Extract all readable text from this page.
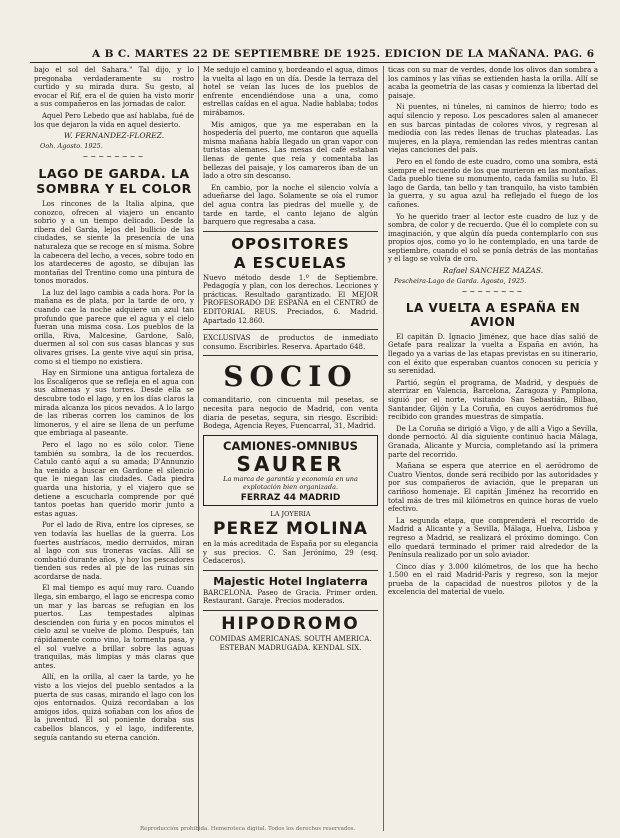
A B C. MARTES 22 DE SEPTIEMBRE DE 1925. EDICION DE LA MAÑANA. PAG. 6

bajo el sol del Sahara." Tal dijo, y lo pregonaba verdaderamente su rostro curtido y su mirada dura. Su gesto, al evocar el Rif, era el de quien ha visto morir a sus compañeros en las jornadas de calor.

Aquel Pero Lebedo que así hablaba, fué de los que dejaron la vida en aquel desierto.

W. FERNANDEZ-FLOREZ.
Ooh. Agosto. 1925.
~~~~~~~~
LAGO DE GARDA. LA SOMBRA Y EL COLOR

Los rincones de la Italia alpina, que conozco, ofrecen al viajero un encanto sobrio y a un tiempo delicado. Desde la ribera del Garda, lejos del bullicio de las ciudades, se siente la presencia de una naturaleza que se recoge en sí misma. Sobre la cabecera del lecho, a veces, sobre todo en los atardeceres de agosto, se dibujan las montañas del Trentino como una pintura de tonos morados.

La luz del lago cambia a cada hora. Por la mañana es de plata, por la tarde de oro, y cuando cae la noche adquiere un azul tan profundo que parece que el agua y el cielo fueran una misma cosa. Los pueblos de la orilla, Riva, Malcesine, Gardone, Salò, duermen al sol con sus casas blancas y sus olivares grises. La gente vive aquí sin prisa, como si el tiempo no existiera.

Hay en Sirmione una antigua fortaleza de los Escalígeros que se refleja en el agua con sus almenas y sus torres. Desde ella se descubre todo el lago, y en los días claros la mirada alcanza los picos nevados. A lo largo de las riberas corren los caminos de los limoneros, y el aire se llena de un perfume que embriaga al paseante.

Pero el lago no es sólo color. Tiene también su sombra, la de los recuerdos. Catulo cantó aquí a su amada; D'Annunzio ha venido a buscar en Gardone el silencio que le niegan las ciudades. Cada piedra guarda una historia, y el viajero que se detiene a escucharla comprende por qué tantos poetas han querido morir junto a estas aguas.

Por el lado de Riva, entre los cipreses, se ven todavía las huellas de la guerra. Los fuertes austríacos, medio derruidos, miran al lago con sus troneras vacías. Allí se combatió durante años, y hoy los pescadores tienden sus redes al pie de las ruinas sin acordarse de nada.

El mal tiempo es aquí muy raro. Cuando llega, sin embargo, el lago se encrespa como un mar y las barcas se refugian en los puertos. Las tempestades alpinas descienden con furia y en pocos minutos el cielo azul se vuelve de plomo. Después, tan rápidamente como vino, la tormenta pasa, y el sol vuelve a brillar sobre las aguas tranquilas, más limpias y más claras que antes.

Allí, en la orilla, al caer la tarde, yo he visto a los viejos del pueblo sentados a la puerta de sus casas, mirando el lago con los ojos entornados. Quizá recordaban a los amigos idos, quizá soñaban con los años de la juventud. El sol poniente doraba sus cabellos blancos, y el lago, indiferente, seguía cantando su eterna canción.

Me sedujo el camino y, bordeando el agua, dimos la vuelta al lago en un día. Desde la terraza del hotel se veían las luces de los pueblos de enfrente encendiéndose una a una, como estrellas caídas en el agua. Nadie hablaba; todos mirábamos.

Mis amigos, que ya me esperaban en la hospedería del puerto, me contaron que aquella misma mañana había llegado un gran vapor con turistas alemanes. Las mesas del café estaban llenas de gente que reía y comentaba las bellezas del paisaje, y los camareros iban de un lado a otro sin descanso.

En cambio, por la noche el silencio volvía a adueñarse del lago. Solamente se oía el rumor del agua contra las piedras del muelle y, de tarde en tarde, el canto lejano de algún barquero que regresaba a casa.

OPOSITORES
A ESCUELAS

Nuevo método desde 1.º de Septiembre. Pedagogía y plan, con los derechos. Lecciones y prácticas. Resultado garantizado. El MEJOR PROFESORADO DE ESPAÑA en el CENTRO de EDITORIAL REUS. Preciados, 6. Madrid. Apartado 12.860.

EXCLUSIVAS de productos de inmediato consumo. Escribirles. Reserva. Apartado 648.

SOCIO

comanditario, con cincuenta mil pesetas, se necesita para negocio de Madrid, con venta diaria de pesetas, segura, sin riesgo. Escribid: Bodega, Agencia Reyes, Fuencarral, 31, Madrid.

CAMIONES-OMNIBUS
SAURER
La marca de garantía y economía en una explotación bien organizada.
FERRAZ 44 MADRID
LA JOYERIA
PEREZ MOLINA

en la más acreditada de España por su elegancia y sus precios. C. San Jerónimo, 29 (esq. Cedaceros).

Majestic Hotel Inglaterra

BARCELONA. Paseo de Gracia. Primer orden. Restaurant. Garaje. Precios moderados.

HIPODROMO

COMIDAS AMERICANAS. SOUTH AMERICA. ESTEBAN MADRUGADA. KENDAL SIX.

ticas con su mar de verdes, donde los olivos dan sombra a los caminos y las viñas se extienden hasta la orilla. Allí se acaba la geometría de las casas y comienza la libertad del paisaje.

Ni puentes, ni túneles, ni caminos de hierro; todo es aquí silencio y reposo. Los pescadores salen al amanecer en sus barcas pintadas de colores vivos, y regresan al mediodía con las redes llenas de truchas plateadas. Las mujeres, en la playa, remiendan las redes mientras cantan viejas canciones del país.

Pero en el fondo de este cuadro, como una sombra, está siempre el recuerdo de los que murieron en las montañas. Cada pueblo tiene su monumento, cada familia su luto. El lago de Garda, tan bello y tan tranquilo, ha visto también la guerra, y su agua azul ha reflejado el fuego de los cañones.

Yo he querido traer al lector este cuadro de luz y de sombra, de color y de recuerdo. Que él lo complete con su imaginación, y que algún día pueda contemplarlo con sus propios ojos, como yo lo he contemplado, en una tarde de septiembre, cuando el sol se ponía detrás de las montañas y el lago se volvía de oro.

Rafael SANCHEZ MAZAS.
Pescheira-Lago de Garda. Agosto, 1925.
~~~~~~~~
LA VUELTA A ESPAÑA EN AVION

El capitán D. Ignacio Jiménez, que hace días salió de Getafe para realizar la vuelta a España en avión, ha llegado ya a varias de las etapas previstas en su itinerario, con el éxito que esperaban cuantos conocen su pericia y su serenidad.

Partió, según el programa, de Madrid, y después de aterrizar en Valencia, Barcelona, Zaragoza y Pamplona, siguió por el norte, visitando San Sebastián, Bilbao, Santander, Gijón y La Coruña, en cuyos aeródromos fué recibido con grandes muestras de simpatía.

De La Coruña se dirigió a Vigo, y de allí a Vigo a Sevilla, donde pernoctó. Al día siguiente continuó hacia Málaga, Granada, Alicante y Murcia, completando así la primera parte del recorrido.

Mañana se espera que aterrice en el aeródromo de Cuatro Vientos, donde será recibido por las autoridades y por sus compañeros de aviación, que le preparan un cariñoso homenaje. El capitán Jiménez ha recorrido en total más de tres mil kilómetros en quince horas de vuelo efectivo.

La segunda etapa, que comprenderá el recorrido de Madrid a Alicante y a Sevilla, Málaga, Huelva, Lisboa y regreso a Madrid, se realizará el próximo domingo. Con ello quedará terminado el primer raid alrededor de la Península realizado por un solo aviador.

Cinco días y 3.000 kilómetros, de los que ha hecho 1.500 en el raid Madrid-París y regreso, son la mejor prueba de la capacidad de nuestros pilotos y de la excelencia del material de vuelo.

Reproducción prohibida. Hemeroteca digital. Todos los derechos reservados.
